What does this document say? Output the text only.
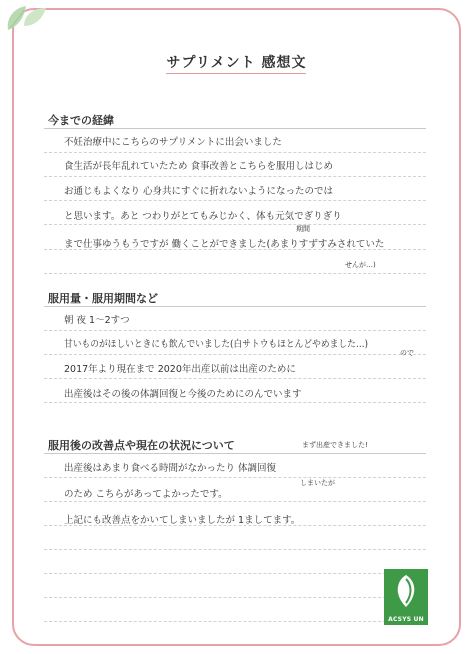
サプリメント 感想文
今までの経緯
不妊治療中にこちらのサプリメントに出会いました
食生活が長年乱れていたため 食事改善とこちらを服用しはじめ
お通じもよくなり 心身共にすぐに折れないようになったのでは
と思います。あと つわりがとてもみじかく、体も元気でぎりぎり
期間
まで仕事ゆうもうですが 働くことができました(あまりすずすみされていた
せんが…)
服用量・服用期間など
朝 夜 1〜2すつ
甘いものがほしいときにも飲んでいました(白サトウもほとんどやめました…)
ので
2017年より現在まで 2020年出産以前は出産のために
出産後はその後の体調回復と今後のためにのんでいます
服用後の改善点や現在の状況について	まず出産できました!
出産後はあまり食べる時間がなかったり 体調回復
しまいたが
のため こちらがあってよかったです。
上記にも改善点をかいてしまいましたが 1ましてます。
ACSYS UN
